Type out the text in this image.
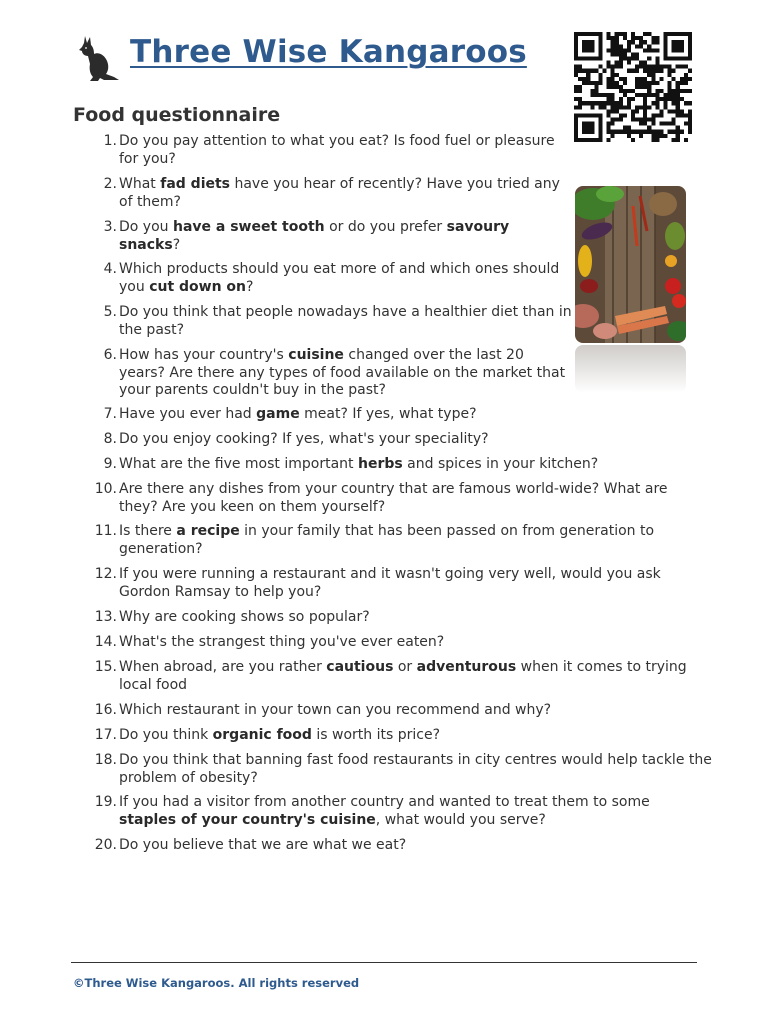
Three Wise Kangaroos
Food questionnaire
1. Do you pay attention to what you eat? Is food fuel or pleasure
for you?
2. What fad diets have you hear of recently? Have you tried any
of them?
3. Do you have a sweet tooth or do you prefer savoury
snacks?
4. Which products should you eat more of and which ones should
you cut down on?
5. Do you think that people nowadays have a healthier diet than in
the past?
6. How has your country's cuisine changed over the last 20
years? Are there any types of food available on the market that
your parents couldn't buy in the past?
7. Have you ever had game meat? If yes, what type?
8. Do you enjoy cooking? If yes, what's your speciality?
9. What are the five most important herbs and spices in your kitchen?
10. Are there any dishes from your country that are famous world-wide? What are
they? Are you keen on them yourself?
11. Is there a recipe in your family that has been passed on from generation to
generation?
12. If you were running a restaurant and it wasn't going very well, would you ask
Gordon Ramsay to help you?
13. Why are cooking shows so popular?
14. What's the strangest thing you've ever eaten?
15. When abroad, are you rather cautious or adventurous when it comes to trying
local food
16. Which restaurant in your town can you recommend and why?
17. Do you think organic food is worth its price?
18. Do you think that banning fast food restaurants in city centres would help tackle the
problem of obesity?
19. If you had a visitor from another country and wanted to treat them to some
staples of your country's cuisine, what would you serve?
20. Do you believe that we are what we eat?
©Three Wise Kangaroos. All rights reserved
